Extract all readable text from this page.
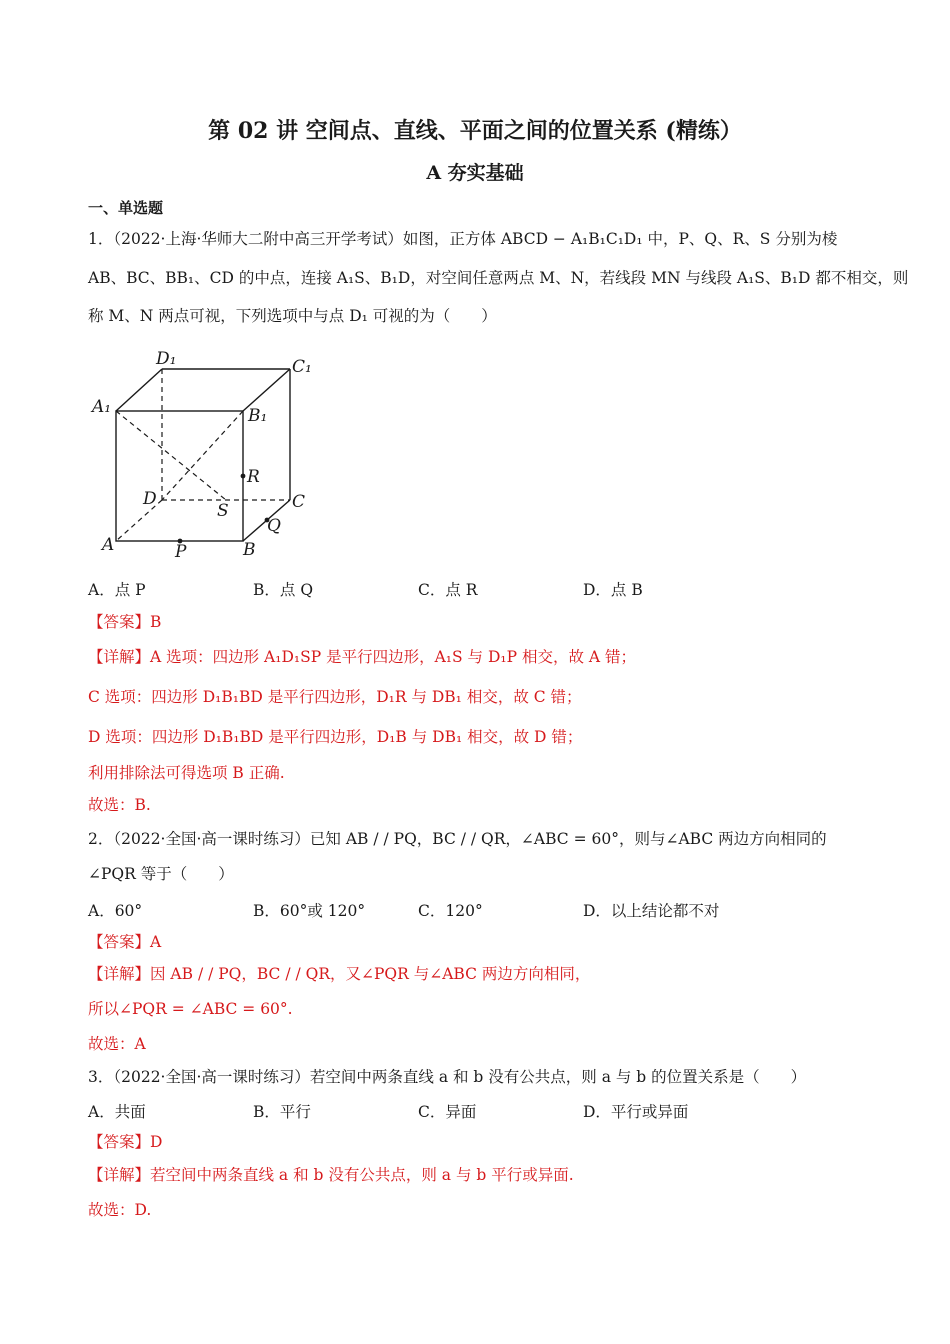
第 02 讲 空间点、直线、平面之间的位置关系 (精练）
A 夯实基础
一、单选题
1．（2022·上海·华师大二附中高三开学考试）如图，正方体 ABCD − A₁B₁C₁D₁ 中，P、Q、R、S 分别为棱
AB、BC、BB₁、CD 的中点，连接 A₁S、B₁D，对空间任意两点 M、N，若线段 MN 与线段 A₁S、B₁D 都不相交，则
称 M、N 两点可视，下列选项中与点 D₁ 可视的为（　　）
D₁	C₁
A₁	B₁
R
D	C
S
Q
A	P	B
A．点 P	B．点 Q	C．点 R	D．点 B
【答案】B
【详解】A 选项：四边形 A₁D₁SP 是平行四边形，A₁S 与 D₁P 相交，故 A 错；
C 选项：四边形 D₁B₁BD 是平行四边形，D₁R 与 DB₁ 相交，故 C 错；
D 选项：四边形 D₁B₁BD 是平行四边形，D₁B 与 DB₁ 相交，故 D 错；
利用排除法可得选项 B 正确.
故选：B.
2．（2022·全国·高一课时练习）已知 AB / / PQ，BC / / QR，∠ABC = 60°，则与∠ABC 两边方向相同的
∠PQR 等于（　　）
A．60°	B．60°或 120°	C．120°	D．以上结论都不对
【答案】A
【详解】因 AB / / PQ，BC / / QR，又∠PQR 与∠ABC 两边方向相同，
所以∠PQR = ∠ABC = 60°.
故选：A
3．（2022·全国·高一课时练习）若空间中两条直线 a 和 b 没有公共点，则 a 与 b 的位置关系是（　　）
A．共面	B．平行	C．异面	D．平行或异面
【答案】D
【详解】若空间中两条直线 a 和 b 没有公共点，则 a 与 b 平行或异面.
故选：D.
